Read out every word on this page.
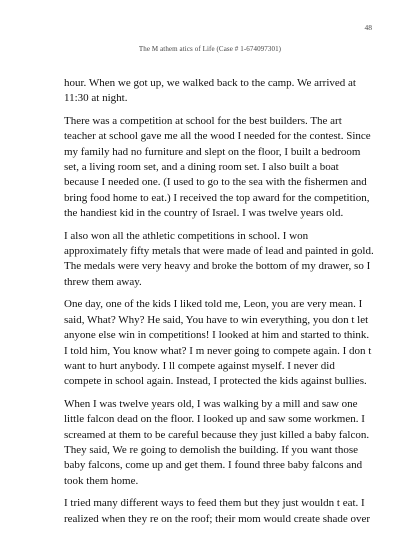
48
The M athem atics of Life (Case # 1-674097301)

hour. When we got up, we walked back to the camp. We arrived at 11:30 at night.

There was a competition at school for the best builders. The art teacher at school gave me all the wood I needed for the contest. Since my family had no furniture and slept on the floor, I built a bedroom set, a living room set, and a dining room set. I also built a boat because I needed one. (I used to go to the sea with the fishermen and bring food home to eat.) I received the top award for the competition, the handiest kid in the country of Israel. I was twelve years old.

I also won all the athletic competitions in school. I won approximately fifty metals that were made of lead and painted in gold. The medals were very heavy and broke the bottom of my drawer, so I threw them away.

One day, one of the kids I liked told me, Leon, you are very mean. I said, What? Why? He said, You have to win everything, you don t let anyone else win in competitions! I looked at him and started to think. I told him, You know what? I m never going to compete again. I don t want to hurt anybody. I ll compete against myself. I never did compete in school again. Instead, I protected the kids against bullies.

When I was twelve years old, I was walking by a mill and saw one little falcon dead on the floor. I looked up and saw some workmen. I screamed at them to be careful because they just killed a baby falcon. They said, We re going to demolish the building. If you want those baby falcons, come up and get them. I found three baby falcons and took them home.

I tried many different ways to feed them but they just wouldn t eat. I realized when they re on the roof; their mom would create shade over
